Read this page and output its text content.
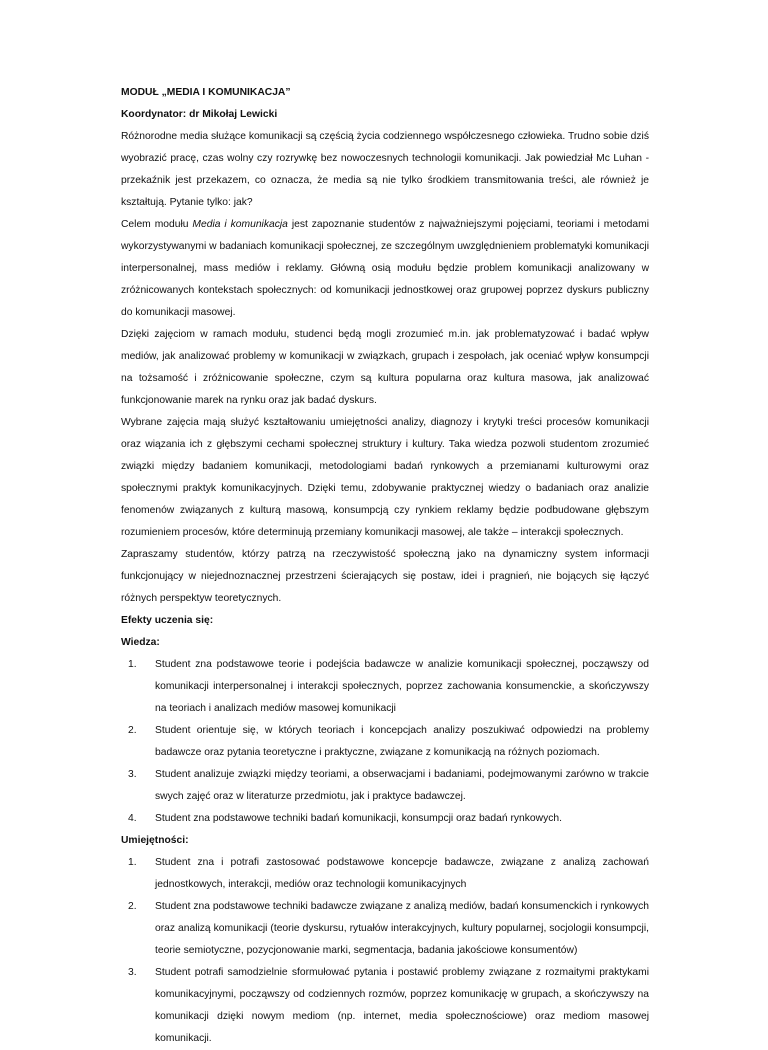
MODUŁ „MEDIA I KOMUNIKACJA”

Koordynator: dr Mikołaj Lewicki

Różnorodne media służące komunikacji są częścią życia codziennego współczesnego człowieka. Trudno sobie dziś wyobrazić pracę, czas wolny czy rozrywkę bez nowoczesnych technologii komunikacji. Jak powiedział Mc Luhan - przekaźnik jest przekazem, co oznacza, że media są nie tylko środkiem transmitowania treści, ale również je kształtują. Pytanie tylko: jak?

Celem modułu Media i komunikacja jest zapoznanie studentów z najważniejszymi pojęciami, teoriami i metodami wykorzystywanymi w badaniach komunikacji społecznej, ze szczególnym uwzględnieniem problematyki komunikacji interpersonalnej, mass mediów i reklamy. Główną osią modułu będzie problem komunikacji analizowany w zróżnicowanych kontekstach społecznych: od komunikacji jednostkowej oraz grupowej poprzez dyskurs publiczny do komunikacji masowej.

Dzięki zajęciom w ramach modułu, studenci będą mogli zrozumieć m.in. jak problematyzować i badać wpływ mediów, jak analizować problemy w komunikacji w związkach, grupach i zespołach, jak oceniać wpływ konsumpcji na tożsamość i zróżnicowanie społeczne, czym są kultura popularna oraz kultura masowa, jak analizować funkcjonowanie marek na rynku oraz jak badać dyskurs.

Wybrane zajęcia mają służyć kształtowaniu umiejętności analizy, diagnozy i krytyki treści procesów komunikacji oraz wiązania ich z głębszymi cechami społecznej struktury i kultury. Taka wiedza pozwoli studentom zrozumieć związki między badaniem komunikacji, metodologiami badań rynkowych a przemianami kulturowymi oraz społecznymi praktyk komunikacyjnych. Dzięki temu, zdobywanie praktycznej wiedzy o badaniach oraz analizie fenomenów związanych z kulturą masową, konsumpcją czy rynkiem reklamy będzie podbudowane głębszym rozumieniem procesów, które determinują przemiany komunikacji masowej, ale także – interakcji społecznych.

Zapraszamy studentów, którzy patrzą na rzeczywistość społeczną jako na dynamiczny system informacji funkcjonujący w niejednoznacznej przestrzeni ścierających się postaw, idei i pragnień, nie bojących się łączyć różnych perspektyw teoretycznych.

Efekty uczenia się:

Wiedza:

1. Student zna podstawowe teorie i podejścia badawcze w analizie komunikacji społecznej, począwszy od komunikacji interpersonalnej i interakcji społecznych, poprzez zachowania konsumenckie, a skończywszy na teoriach i analizach mediów masowej komunikacji
2. Student orientuje się, w których teoriach i koncepcjach analizy poszukiwać odpowiedzi na problemy badawcze oraz pytania teoretyczne i praktyczne, związane z komunikacją na różnych poziomach.
3. Student analizuje związki między teoriami, a obserwacjami i badaniami, podejmowanymi zarówno w trakcie swych zajęć oraz w literaturze przedmiotu, jak i praktyce badawczej.
4. Student zna podstawowe techniki badań komunikacji, konsumpcji oraz badań rynkowych.

Umiejętności:

1. Student zna i potrafi zastosować podstawowe koncepcje badawcze, związane z analizą zachowań jednostkowych, interakcji, mediów oraz technologii komunikacyjnych
2. Student zna podstawowe techniki badawcze związane z analizą mediów, badań konsumenckich i rynkowych oraz analizą komunikacji (teorie dyskursu, rytuałów interakcyjnych, kultury popularnej, socjologii konsumpcji, teorie semiotyczne, pozycjonowanie marki, segmentacja, badania jakościowe konsumentów)
3. Student potrafi samodzielnie sformułować pytania i postawić problemy związane z rozmaitymi praktykami komunikacyjnymi, począwszy od codziennych rozmów, poprzez komunikację w grupach, a skończywszy na komunikacji dzięki nowym mediom (np. internet, media społecznościowe) oraz mediom masowej komunikacji.
